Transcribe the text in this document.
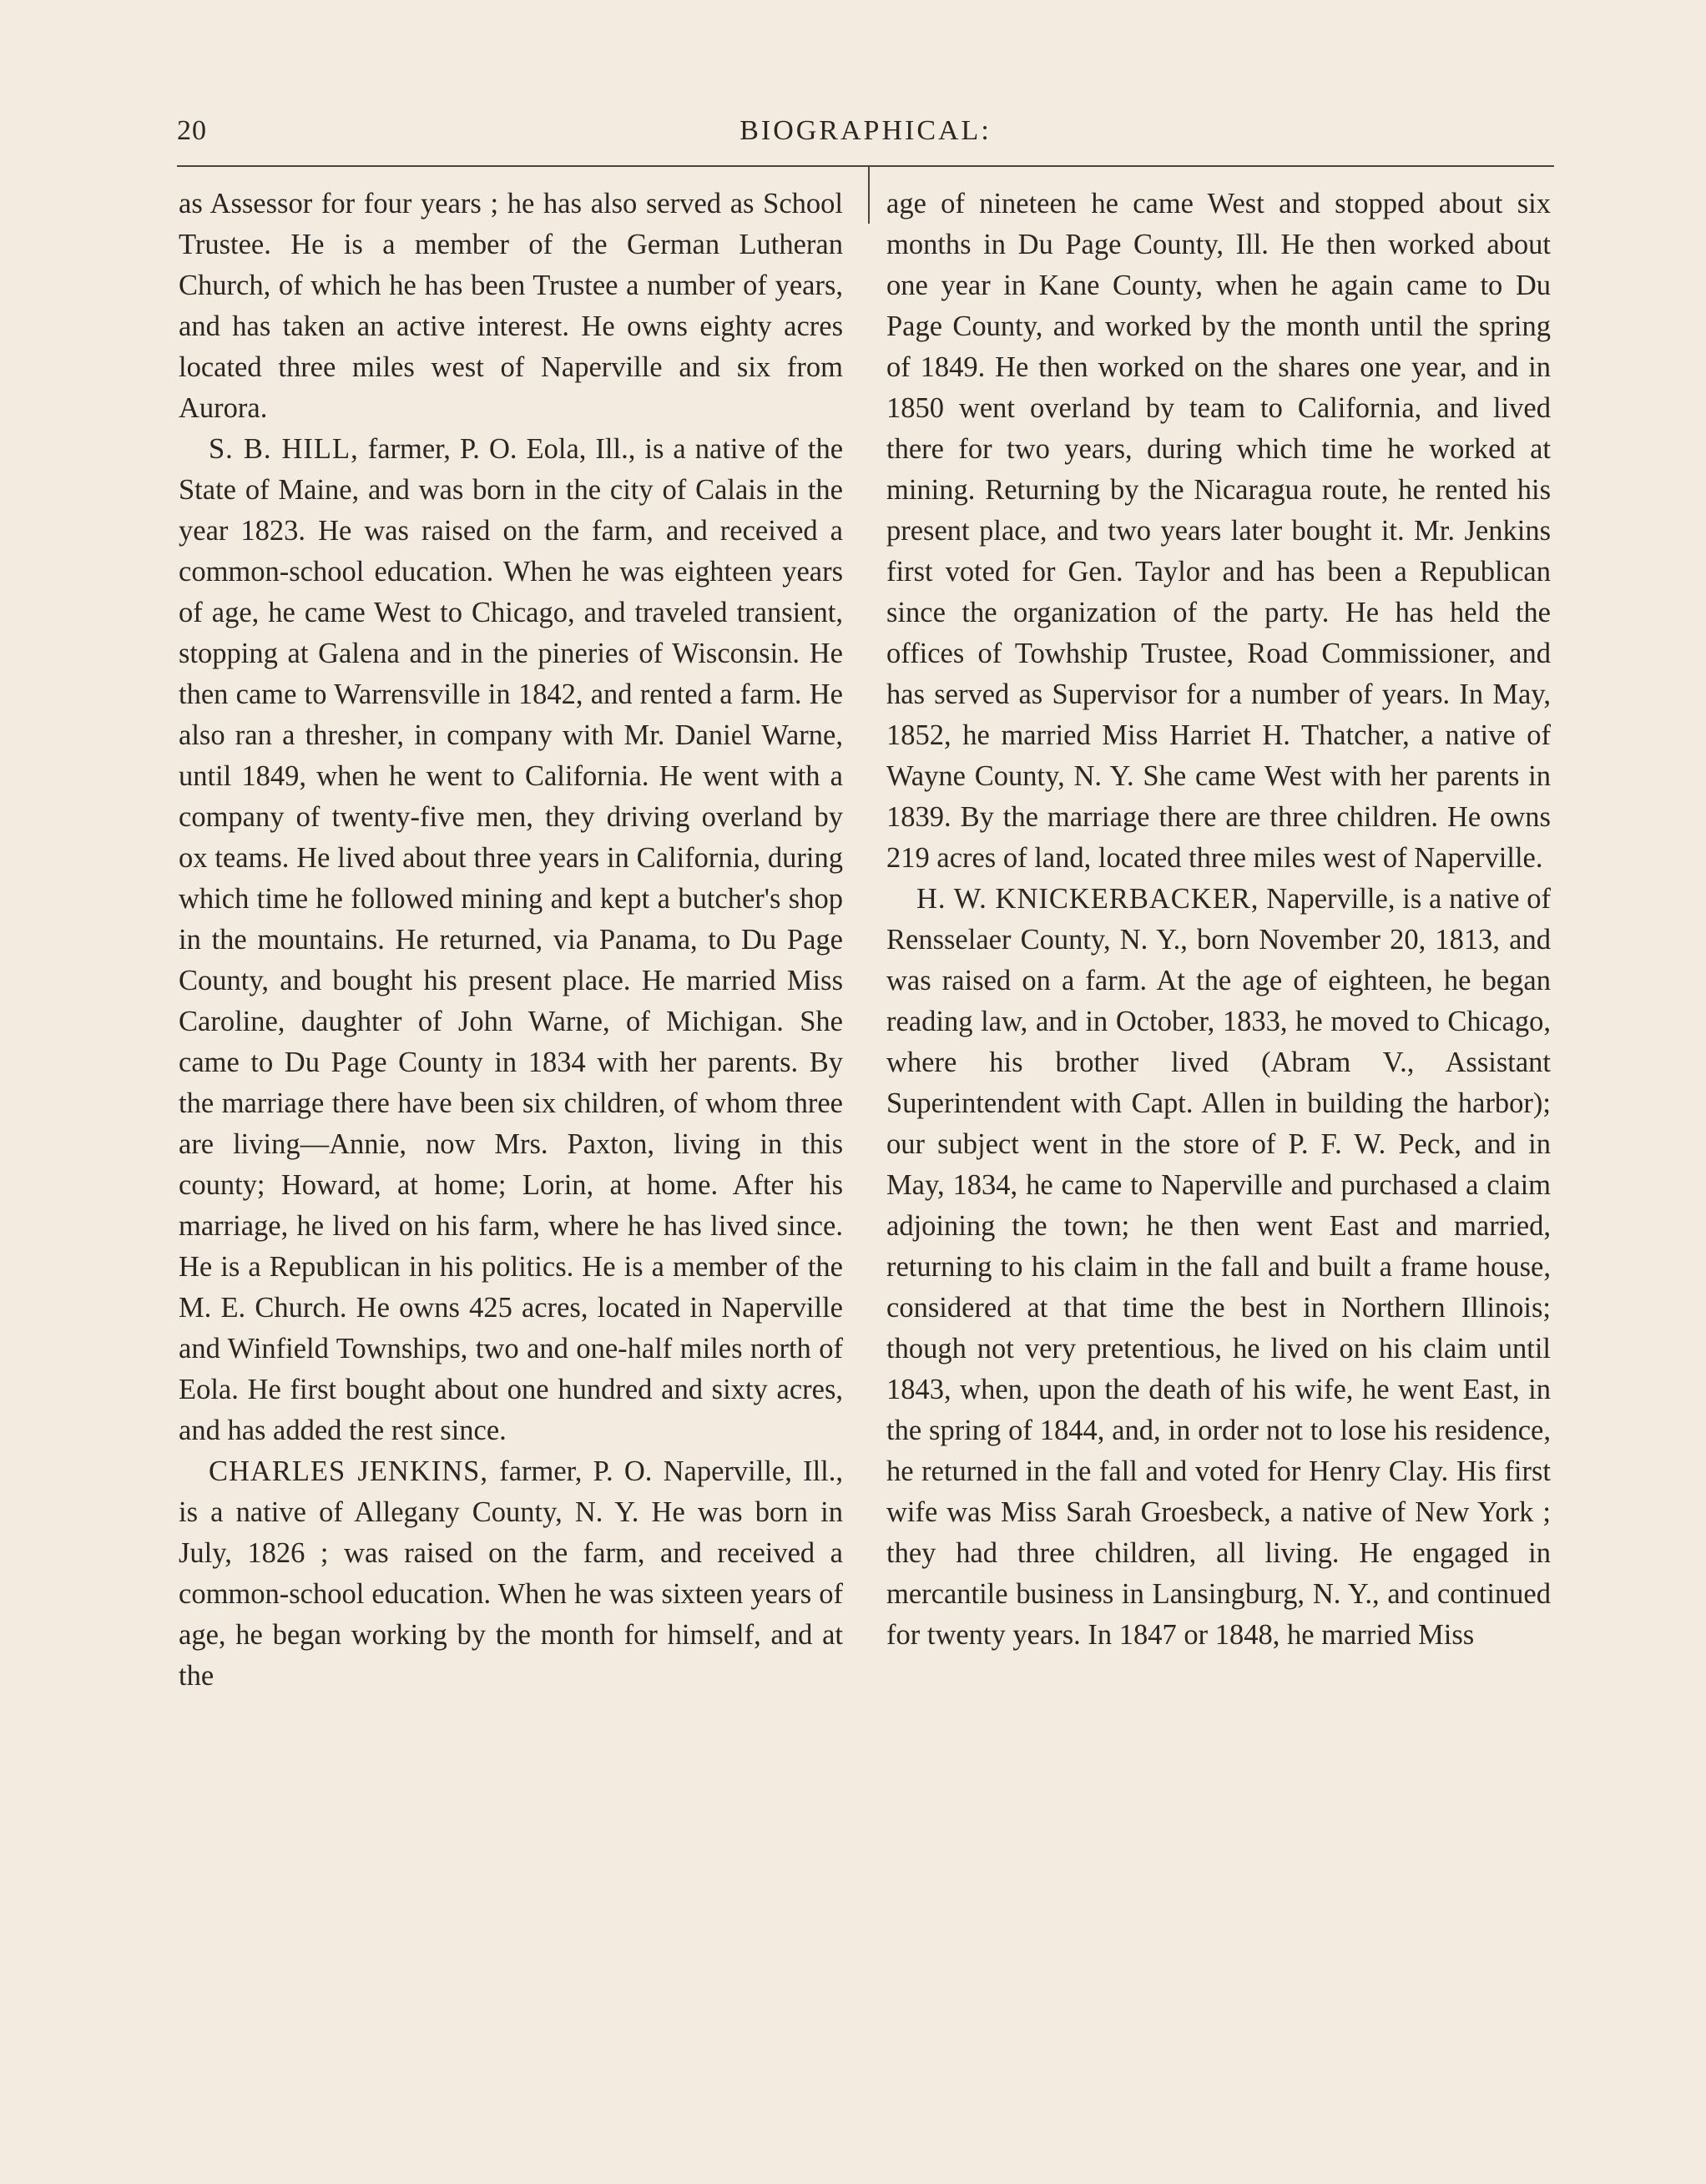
20	BIOGRAPHICAL:

as Assessor for four years ; he has also served as School Trustee. He is a member of the German Lutheran Church, of which he has been Trustee a number of years, and has taken an active interest. He owns eighty acres located three miles west of Naperville and six from Aurora.

S. B. HILL, farmer, P. O. Eola, Ill., is a native of the State of Maine, and was born in the city of Calais in the year 1823. He was raised on the farm, and received a common-school education. When he was eighteen years of age, he came West to Chicago, and traveled transient, stopping at Galena and in the pineries of Wisconsin. He then came to Warrensville in 1842, and rented a farm. He also ran a thresher, in company with Mr. Daniel Warne, until 1849, when he went to California. He went with a company of twenty-five men, they driving overland by ox teams. He lived about three years in California, during which time he followed mining and kept a butcher's shop in the mountains. He returned, via Panama, to Du Page County, and bought his present place. He married Miss Caroline, daughter of John Warne, of Michigan. She came to Du Page County in 1834 with her parents. By the marriage there have been six children, of whom three are living—Annie, now Mrs. Paxton, living in this county; Howard, at home; Lorin, at home. After his marriage, he lived on his farm, where he has lived since. He is a Republican in his politics. He is a member of the M. E. Church. He owns 425 acres, located in Naperville and Winfield Townships, two and one-half miles north of Eola. He first bought about one hundred and sixty acres, and has added the rest since.

CHARLES JENKINS, farmer, P. O. Naperville, Ill., is a native of Allegany County, N. Y. He was born in July, 1826 ; was raised on the farm, and received a common-school education. When he was sixteen years of age, he began working by the month for himself, and at the

age of nineteen he came West and stopped about six months in Du Page County, Ill. He then worked about one year in Kane County, when he again came to Du Page County, and worked by the month until the spring of 1849. He then worked on the shares one year, and in 1850 went overland by team to California, and lived there for two years, during which time he worked at mining. Returning by the Nicaragua route, he rented his present place, and two years later bought it. Mr. Jenkins first voted for Gen. Taylor and has been a Republican since the organization of the party. He has held the offices of Towhship Trustee, Road Commissioner, and has served as Supervisor for a number of years. In May, 1852, he married Miss Harriet H. Thatcher, a native of Wayne County, N. Y. She came West with her parents in 1839. By the marriage there are three children. He owns 219 acres of land, located three miles west of Naperville.

H. W. KNICKERBACKER, Naperville, is a native of Rensselaer County, N. Y., born November 20, 1813, and was raised on a farm. At the age of eighteen, he began reading law, and in October, 1833, he moved to Chicago, where his brother lived (Abram V., Assistant Superintendent with Capt. Allen in building the harbor); our subject went in the store of P. F. W. Peck, and in May, 1834, he came to Naperville and purchased a claim adjoining the town; he then went East and married, returning to his claim in the fall and built a frame house, considered at that time the best in Northern Illinois; though not very pretentious, he lived on his claim until 1843, when, upon the death of his wife, he went East, in the spring of 1844, and, in order not to lose his residence, he returned in the fall and voted for Henry Clay. His first wife was Miss Sarah Groesbeck, a native of New York ; they had three children, all living. He engaged in mercantile business in Lansingburg, N. Y., and continued for twenty years. In 1847 or 1848, he married Miss
